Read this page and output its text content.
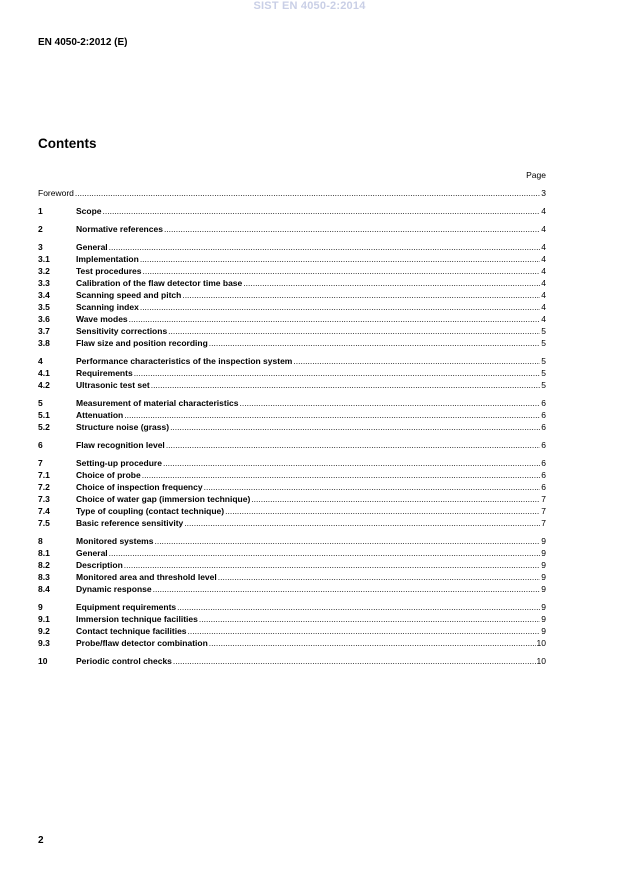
SIST EN 4050-2:2014
EN 4050-2:2012 (E)
Contents
Page
Foreword .....	3
1	Scope .....	4
2	Normative references .....	4
3	General .....	4
3.1	Implementation .....	4
3.2	Test procedures .....	4
3.3	Calibration of the flaw detector time base .....	4
3.4	Scanning speed and pitch .....	4
3.5	Scanning index .....	4
3.6	Wave modes .....	4
3.7	Sensitivity corrections .....	5
3.8	Flaw size and position recording .....	5
4	Performance characteristics of the inspection system .....	5
4.1	Requirements .....	5
4.2	Ultrasonic test set .....	5
5	Measurement of material characteristics .....	6
5.1	Attenuation .....	6
5.2	Structure noise (grass) .....	6
6	Flaw recognition level .....	6
7	Setting-up procedure .....	6
7.1	Choice of probe .....	6
7.2	Choice of inspection frequency .....	6
7.3	Choice of water gap (immersion technique) .....	7
7.4	Type of coupling (contact technique) .....	7
7.5	Basic reference sensitivity .....	7
8	Monitored systems .....	9
8.1	General .....	9
8.2	Description .....	9
8.3	Monitored area and threshold level .....	9
8.4	Dynamic response .....	9
9	Equipment requirements .....	9
9.1	Immersion technique facilities .....	9
9.2	Contact technique facilities .....	9
9.3	Probe/flaw detector combination .....	10
10	Periodic control checks .....	10
2
